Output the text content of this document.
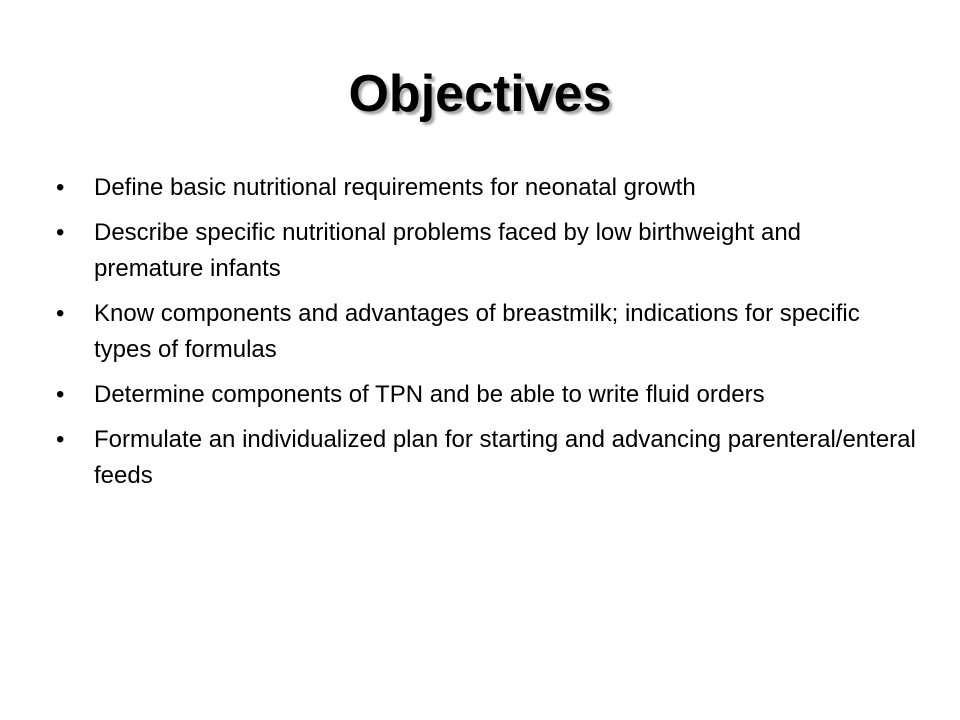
Objectives
•	Define basic nutritional requirements for neonatal growth
•	Describe specific nutritional problems faced by low birthweight and premature infants
•	Know components and advantages of breastmilk; indications for specific types of formulas
•	Determine components of TPN and be able to write fluid orders
•	Formulate an individualized plan for starting and advancing parenteral/enteral feeds
